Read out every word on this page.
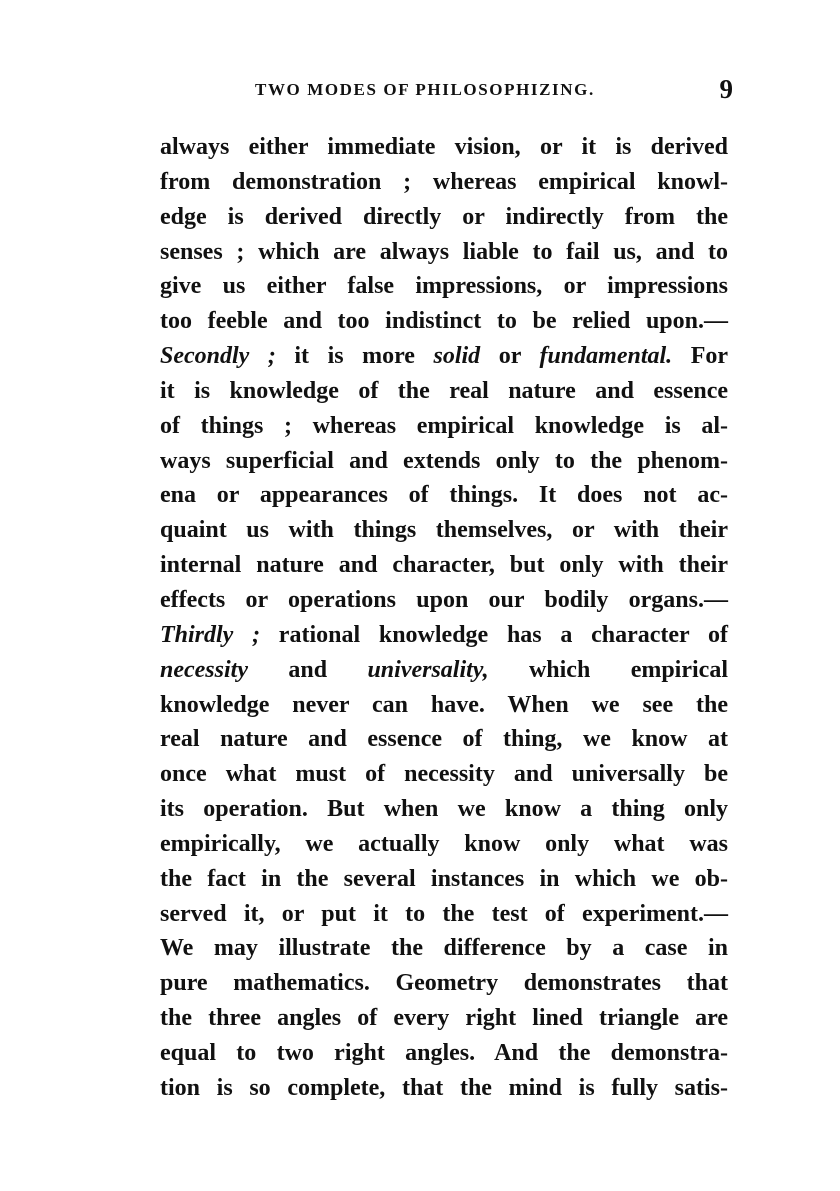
TWO MODES OF PHILOSOPHIZING.	9
always either immediate vision, or it is derived
from demonstration ; whereas empirical knowl-
edge is derived directly or indirectly from the
senses ; which are always liable to fail us, and to
give us either false impressions, or impressions
too feeble and too indistinct to be relied upon.—
Secondly ; it is more solid or fundamental. For
it is knowledge of the real nature and essence
of things ; whereas empirical knowledge is al-
ways superficial and extends only to the phenom-
ena or appearances of things. It does not ac-
quaint us with things themselves, or with their
internal nature and character, but only with their
effects or operations upon our bodily organs.—
Thirdly ; rational knowledge has a character of
necessity and universality, which empirical
knowledge never can have. When we see the
real nature and essence of thing, we know at
once what must of necessity and universally be
its operation. But when we know a thing only
empirically, we actually know only what was
the fact in the several instances in which we ob-
served it, or put it to the test of experiment.—
We may illustrate the difference by a case in
pure mathematics. Geometry demonstrates that
the three angles of every right lined triangle are
equal to two right angles. And the demonstra-
tion is so complete, that the mind is fully satis-
